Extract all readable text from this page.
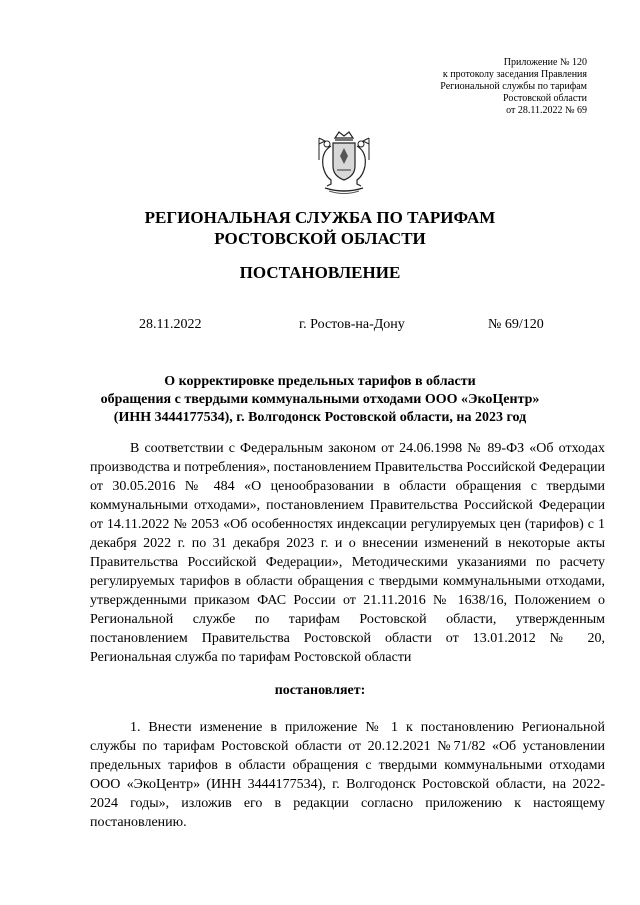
Приложение № 120
к протоколу заседания Правления
Региональной службы по тарифам
Ростовской области
от 28.11.2022 № 69
РЕГИОНАЛЬНАЯ СЛУЖБА ПО ТАРИФАМ
РОСТОВСКОЙ ОБЛАСТИ
ПОСТАНОВЛЕНИЕ
28.11.2022	г. Ростов-на-Дону	№ 69/120
О корректировке предельных тарифов в области
обращения с твердыми коммунальными отходами ООО «ЭкоЦентр»
(ИНН 3444177534), г. Волгодонск Ростовской области, на 2023 год

В соответствии с Федеральным законом от 24.06.1998 № 89-ФЗ «Об отходах производства и потребления», постановлением Правительства Российской Федерации от 30.05.2016 № 484 «О ценообразовании в области обращения с твердыми коммунальными отходами», постановлением Правительства Российской Федерации от 14.11.2022 № 2053 «Об особенностях индексации регулируемых цен (тарифов) с 1 декабря 2022 г. по 31 декабря 2023 г. и о внесении изменений в некоторые акты Правительства Российской Федерации», Методическими указаниями по расчету регулируемых тарифов в области обращения с твердыми коммунальными отходами, утвержденными приказом ФАС России от 21.11.2016 № 1638/16, Положением о Региональной службе по тарифам Ростовской области, утвержденным постановлением Правительства Ростовской области от 13.01.2012 № 20, Региональная служба по тарифам Ростовской области

постановляет:

1. Внести изменение в приложение № 1 к постановлению Региональной службы по тарифам Ростовской области от 20.12.2021 №71/82 «Об установлении предельных тарифов в области обращения с твердыми коммунальными отходами ООО «ЭкоЦентр» (ИНН 3444177534), г. Волгодонск Ростовской области, на 2022-2024 годы», изложив его в редакции согласно приложению к настоящему постановлению.
